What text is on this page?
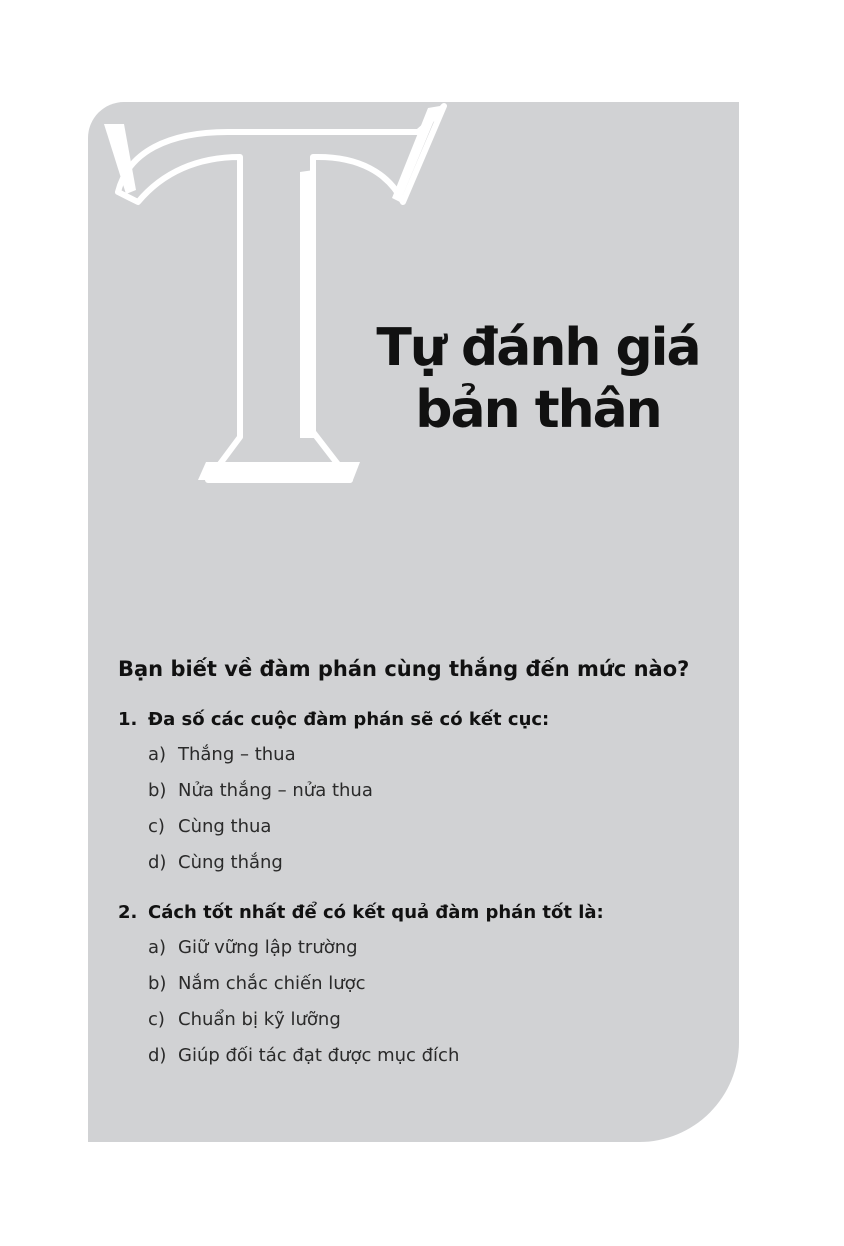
Tự đánh giá
bản thân
Bạn biết về đàm phán cùng thắng đến mức nào?
1. Đa số các cuộc đàm phán sẽ có kết cục:
a) Thắng – thua
b) Nửa thắng – nửa thua
c) Cùng thua
d) Cùng thắng
2. Cách tốt nhất để có kết quả đàm phán tốt là:
a) Giữ vững lập trường
b) Nắm chắc chiến lược
c) Chuẩn bị kỹ lưỡng
d) Giúp đối tác đạt được mục đích
